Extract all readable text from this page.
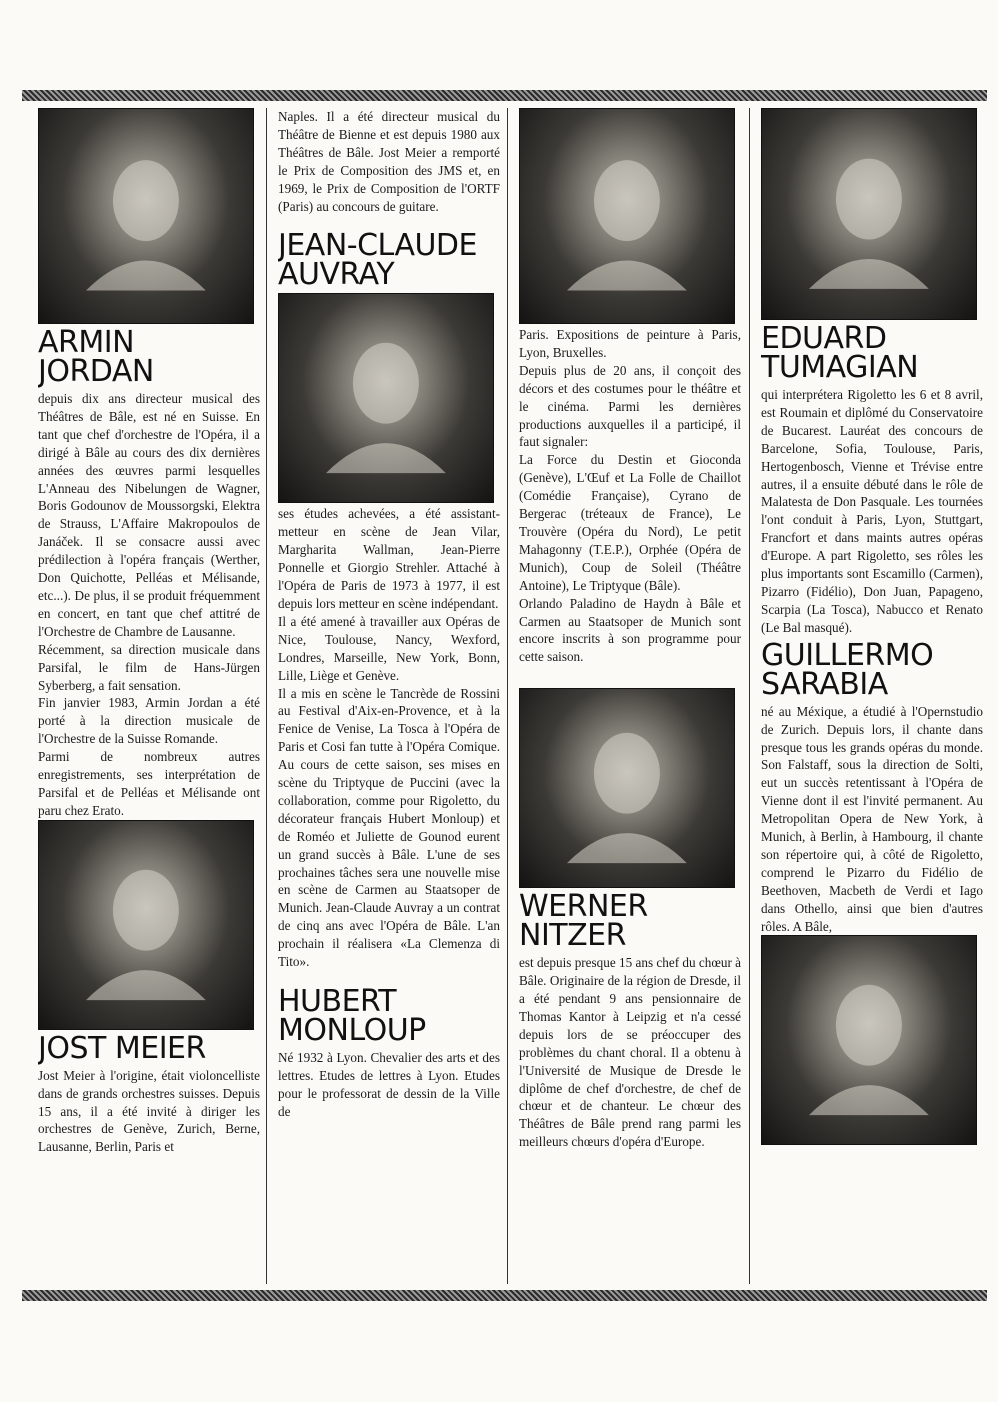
ARMIN
JORDAN

depuis dix ans directeur musical des Théâtres de Bâle, est né en Suisse. En tant que chef d'orchestre de l'Opéra, il a dirigé à Bâle au cours des dix dernières années des œuvres parmi lesquelles L'Anneau des Nibelungen de Wagner, Boris Godounov de Moussorgski, Elektra de Strauss, L'Affaire Makropoulos de Janáček. Il se consacre aussi avec prédilection à l'opéra français (Werther, Don Quichotte, Pelléas et Mélisande, etc...). De plus, il se produit fréquemment en concert, en tant que chef attitré de l'Orchestre de Chambre de Lausanne.

Récemment, sa direction musicale dans Parsifal, le film de Hans-Jürgen Syberberg, a fait sensation.

Fin janvier 1983, Armin Jordan a été porté à la direction musicale de l'Orchestre de la Suisse Romande.

Parmi de nombreux autres enregistrements, ses interprétation de Parsifal et de Pelléas et Mélisande ont paru chez Erato.

JOST MEIER

Jost Meier à l'origine, était violoncelliste dans de grands orchestres suisses. Depuis 15 ans, il a été invité à diriger les orchestres de Genève, Zurich, Berne, Lausanne, Berlin, Paris et

Naples. Il a été directeur musical du Théâtre de Bienne et est depuis 1980 aux Théâtres de Bâle. Jost Meier a remporté le Prix de Composition des JMS et, en 1969, le Prix de Composition de l'ORTF (Paris) au concours de guitare.

JEAN-CLAUDE
AUVRAY

ses études achevées, a été assistant-metteur en scène de Jean Vilar, Margharita Wallman, Jean-Pierre Ponnelle et Giorgio Strehler. Attaché à l'Opéra de Paris de 1973 à 1977, il est depuis lors metteur en scène indépendant.

Il a été amené à travailler aux Opéras de Nice, Toulouse, Nancy, Wexford, Londres, Marseille, New York, Bonn, Lille, Liège et Genève.

Il a mis en scène le Tancrède de Rossini au Festival d'Aix-en-Provence, et à la Fenice de Venise, La Tosca à l'Opéra de Paris et Cosi fan tutte à l'Opéra Comique. Au cours de cette saison, ses mises en scène du Triptyque de Puccini (avec la collaboration, comme pour Rigoletto, du décorateur français Hubert Monloup) et de Roméo et Juliette de Gounod eurent un grand succès à Bâle. L'une de ses prochaines tâches sera une nouvelle mise en scène de Carmen au Staatsoper de Munich. Jean-Claude Auvray a un contrat de cinq ans avec l'Opéra de Bâle. L'an prochain il réalisera «La Clemenza di Tito».

HUBERT
MONLOUP

Né 1932 à Lyon. Chevalier des arts et des lettres. Etudes de lettres à Lyon. Etudes pour le professorat de dessin de la Ville de

Paris. Expositions de peinture à Paris, Lyon, Bruxelles.

Depuis plus de 20 ans, il conçoit des décors et des costumes pour le théâtre et le cinéma. Parmi les dernières productions auxquelles il a participé, il faut signaler:

La Force du Destin et Gioconda (Genève), L'Œuf et La Folle de Chaillot (Comédie Française), Cyrano de Bergerac (tréteaux de France), Le Trouvère (Opéra du Nord), Le petit Mahagonny (T.E.P.), Orphée (Opéra de Munich), Coup de Soleil (Théâtre Antoine), Le Triptyque (Bâle).

Orlando Paladino de Haydn à Bâle et Carmen au Staatsoper de Munich sont encore inscrits à son programme pour cette saison.

WERNER
NITZER

est depuis presque 15 ans chef du chœur à Bâle. Originaire de la région de Dresde, il a été pendant 9 ans pensionnaire de Thomas Kantor à Leipzig et n'a cessé depuis lors de se préoccuper des problèmes du chant choral. Il a obtenu à l'Université de Musique de Dresde le diplôme de chef d'orchestre, de chef de chœur et de chanteur. Le chœur des Théâtres de Bâle prend rang parmi les meilleurs chœurs d'opéra d'Europe.

EDUARD
TUMAGIAN

qui interprétera Rigoletto les 6 et 8 avril, est Roumain et diplômé du Conservatoire de Bucarest. Lauréat des concours de Barcelone, Sofia, Toulouse, Paris, Hertogenbosch, Vienne et Trévise entre autres, il a ensuite débuté dans le rôle de Malatesta de Don Pasquale. Les tournées l'ont conduit à Paris, Lyon, Stuttgart, Francfort et dans maints autres opéras d'Europe. A part Rigoletto, ses rôles les plus importants sont Escamillo (Carmen), Pizarro (Fidélio), Don Juan, Papageno, Scarpia (La Tosca), Nabucco et Renato (Le Bal masqué).

GUILLERMO
SARABIA

né au Méxique, a étudié à l'Opernstudio de Zurich. Depuis lors, il chante dans presque tous les grands opéras du monde. Son Falstaff, sous la direction de Solti, eut un succès retentissant à l'Opéra de Vienne dont il est l'invité permanent. Au Metropolitan Opera de New York, à Munich, à Berlin, à Hambourg, il chante son répertoire qui, à côté de Rigoletto, comprend le Pizarro du Fidélio de Beethoven, Macbeth de Verdi et Iago dans Othello, ainsi que bien d'autres rôles. A Bâle,
